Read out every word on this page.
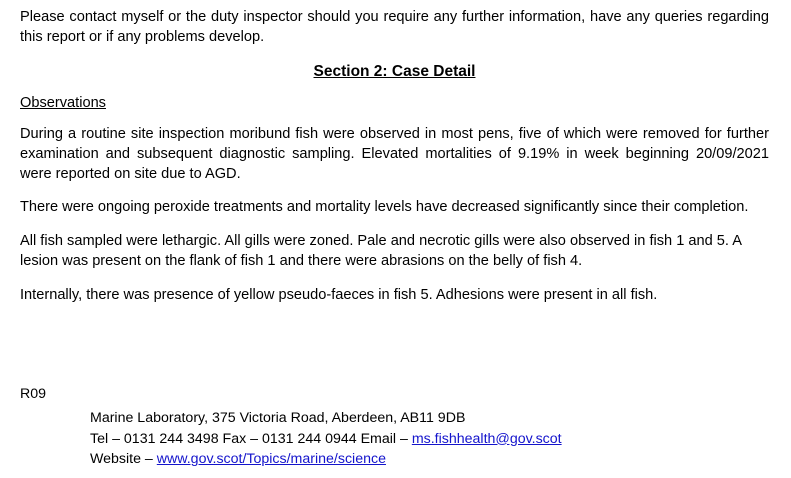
Please contact myself or the duty inspector should you require any further information, have any queries regarding this report or if any problems develop.

Section 2: Case Detail
Observations

During a routine site inspection moribund fish were observed in most pens, five of which were removed for further examination and subsequent diagnostic sampling. Elevated mortalities of 9.19% in week beginning 20/09/2021 were reported on site due to AGD.

There were ongoing peroxide treatments and mortality levels have decreased significantly since their completion.

All fish sampled were lethargic. All gills were zoned. Pale and necrotic gills were also observed in fish 1 and 5. A lesion was present on the flank of fish 1 and there were abrasions on the belly of fish 4.

Internally, there was presence of yellow pseudo-faeces in fish 5. Adhesions were present in all fish.

R09
Marine Laboratory, 375 Victoria Road, Aberdeen, AB11 9DB
Tel – 0131 244 3498 Fax – 0131 244 0944 Email – ms.fishhealth@gov.scot
Website – www.gov.scot/Topics/marine/science
